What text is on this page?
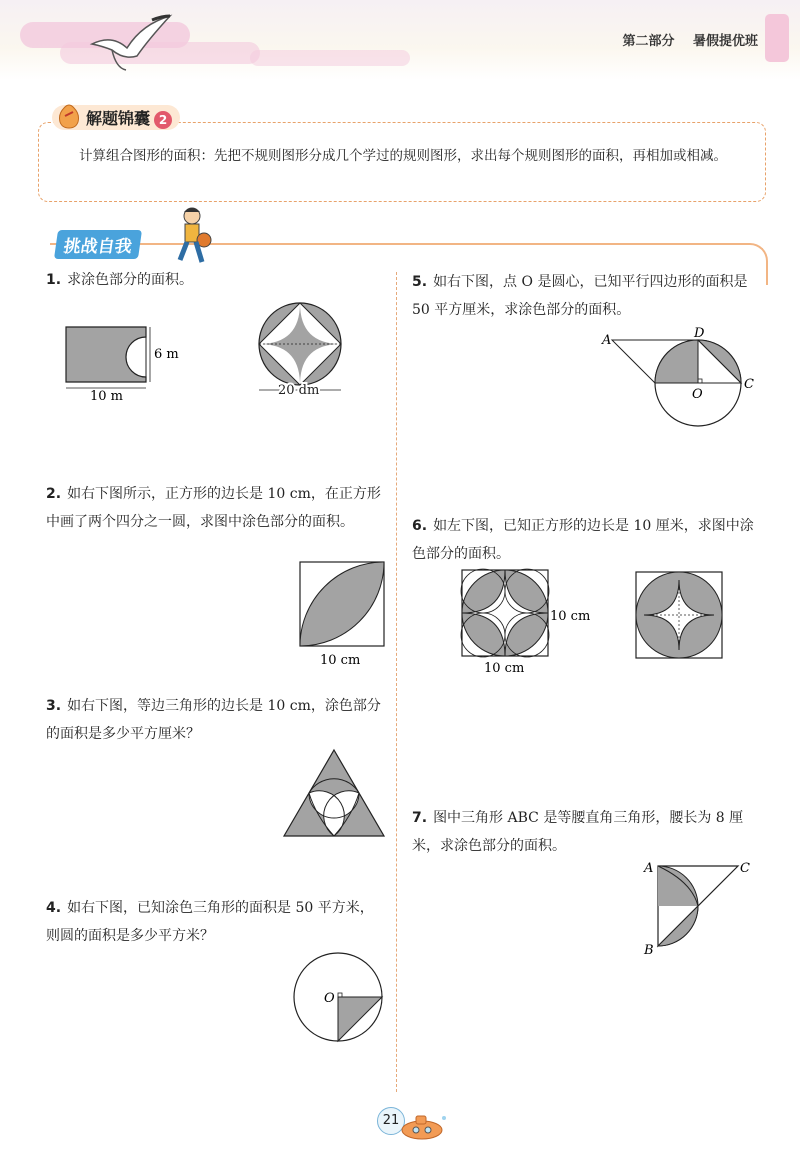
第二部分 暑假提优班
解题锦囊 2
计算组合图形的面积：先把不规则图形分成几个学过的规则图形，求出每个规则图形的面积，再相加或相减。
挑战自我
1. 求涂色部分的面积。
6 m
10 m	20 dm
2. 如右下图所示，正方形的边长是 10 cm，在正方形中画了两个四分之一圆，求图中涂色部分的面积。
10 cm
3. 如右下图，等边三角形的边长是 10 cm，涂色部分的面积是多少平方厘米？
4. 如右下图，已知涂色三角形的面积是 50 平方米，则圆的面积是多少平方米？
O
5. 如右下图，点 O 是圆心，已知平行四边形的面积是 50 平方厘米，求涂色部分的面积。
A	D
O
C
6. 如左下图，已知正方形的边长是 10 厘米，求图中涂色部分的面积。
10 cm
10 cm
7. 图中三角形 ABC 是等腰直角三角形，腰长为 8 厘米，求涂色部分的面积。
A	C
B
21
